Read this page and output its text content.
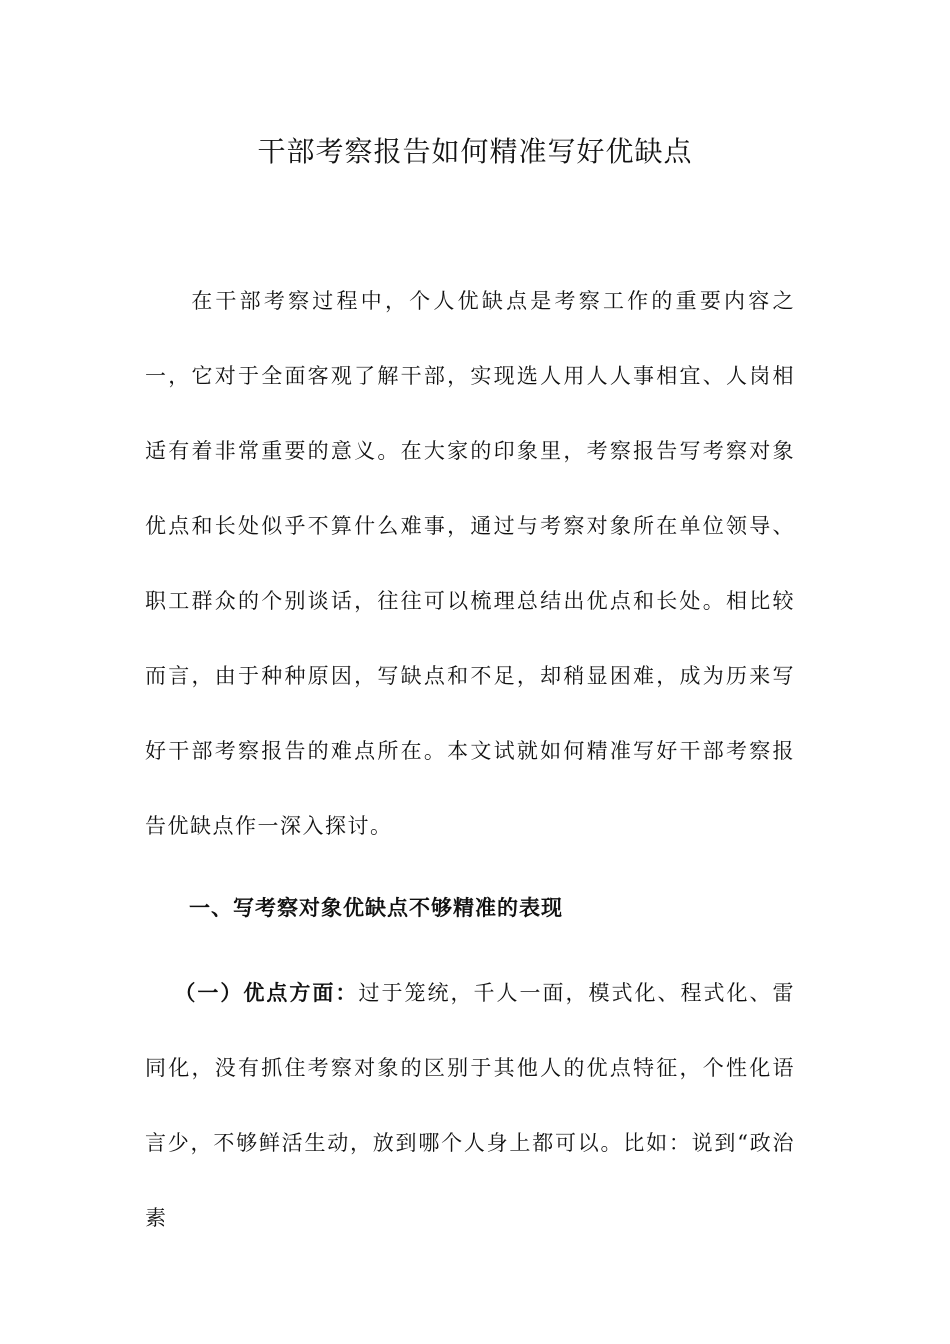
干部考察报告如何精准写好优缺点
在干部考察过程中，个人优缺点是考察工作的重要内容之一，它对于全面客观了解干部，实现选人用人人事相宜、人岗相适有着非常重要的意义。在大家的印象里，考察报告写考察对象优点和长处似乎不算什么难事，通过与考察对象所在单位领导、职工群众的个别谈话，往往可以梳理总结出优点和长处。相比较而言，由于种种原因，写缺点和不足，却稍显困难，成为历来写好干部考察报告的难点所在。本文试就如何精准写好干部考察报告优缺点作一深入探讨。
一、写考察对象优缺点不够精准的表现
（一）优点方面：过于笼统，千人一面，模式化、程式化、雷同化，没有抓住考察对象的区别于其他人的优点特征，个性化语言少，不够鲜活生动，放到哪个人身上都可以。比如：说到“政治素
